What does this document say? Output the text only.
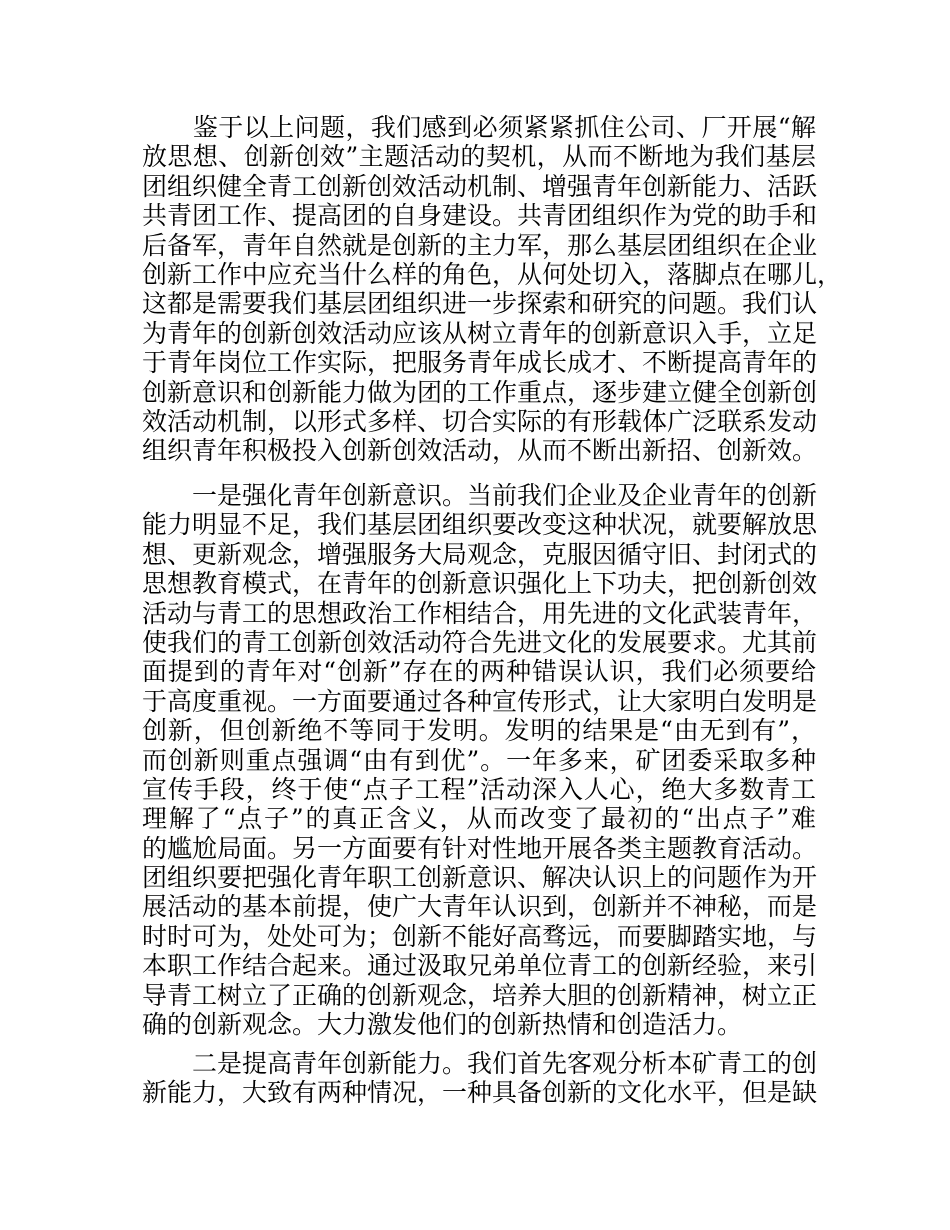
　　鉴于以上问题，我们感到必须紧紧抓住公司、厂开展“解
放思想、创新创效”主题活动的契机，从而不断地为我们基层
团组织健全青工创新创效活动机制、增强青年创新能力、活跃
共青团工作、提高团的自身建设。共青团组织作为党的助手和
后备军，青年自然就是创新的主力军，那么基层团组织在企业
创新工作中应充当什么样的角色，从何处切入，落脚点在哪儿，
这都是需要我们基层团组织进一步探索和研究的问题。我们认
为青年的创新创效活动应该从树立青年的创新意识入手，立足
于青年岗位工作实际，把服务青年成长成才、不断提高青年的
创新意识和创新能力做为团的工作重点，逐步建立健全创新创
效活动机制，以形式多样、切合实际的有形载体广泛联系发动
组织青年积极投入创新创效活动，从而不断出新招、创新效。
　　一是强化青年创新意识。当前我们企业及企业青年的创新
能力明显不足，我们基层团组织要改变这种状况，就要解放思
想、更新观念，增强服务大局观念，克服因循守旧、封闭式的
思想教育模式，在青年的创新意识强化上下功夫，把创新创效
活动与青工的思想政治工作相结合，用先进的文化武装青年，
使我们的青工创新创效活动符合先进文化的发展要求。尤其前
面提到的青年对“创新”存在的两种错误认识，我们必须要给
于高度重视。一方面要通过各种宣传形式，让大家明白发明是
创新，但创新绝不等同于发明。发明的结果是“由无到有”，
而创新则重点强调“由有到优”。一年多来，矿团委采取多种
宣传手段，终于使“点子工程”活动深入人心，绝大多数青工
理解了“点子”的真正含义，从而改变了最初的“出点子”难
的尴尬局面。另一方面要有针对性地开展各类主题教育活动。
团组织要把强化青年职工创新意识、解决认识上的问题作为开
展活动的基本前提，使广大青年认识到，创新并不神秘，而是
时时可为，处处可为；创新不能好高骛远，而要脚踏实地，与
本职工作结合起来。通过汲取兄弟单位青工的创新经验，来引
导青工树立了正确的创新观念，培养大胆的创新精神，树立正
确的创新观念。大力激发他们的创新热情和创造活力。
　　二是提高青年创新能力。我们首先客观分析本矿青工的创
新能力，大致有两种情况，一种具备创新的文化水平，但是缺
